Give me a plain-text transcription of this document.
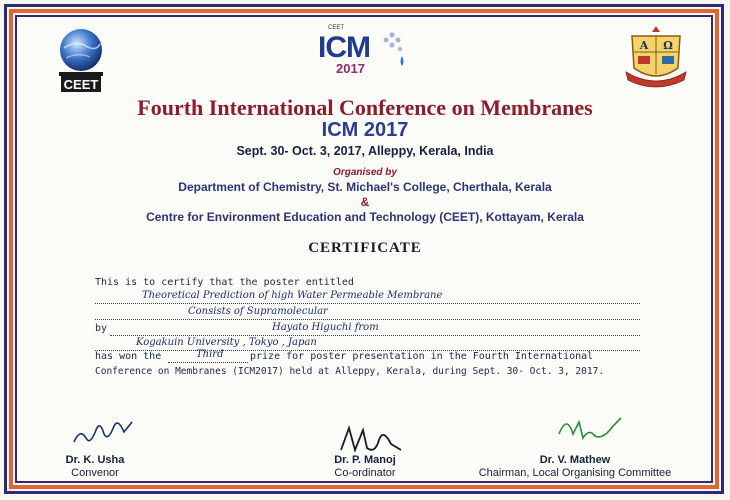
CEET
CEET
ICM
2017
A Ω
Fourth International Conference on Membranes
ICM 2017
Sept. 30- Oct. 3, 2017, Alleppy, Kerala, India
Organised by
Department of Chemistry, St. Michael's College, Cherthala, Kerala
&
Centre for Environment Education and Technology (CEET), Kottayam, Kerala
CERTIFICATE
This is to certify that the poster entitled
Theoretical Prediction of high Water Permeable Membrane
Consists of Supramolecular
by	Hayato Higuchi from
Kogakuin University , Tokyo , Japan
has won the	Third	prize for poster presentation in the Fourth International
Conference on Membranes (ICM2017) held at Alleppy, Kerala, during Sept. 30- Oct. 3, 2017.
Dr. K. Usha
Convenor
Dr. P. Manoj
Co-ordinator
Dr. V. Mathew
Chairman, Local Organising Committee
